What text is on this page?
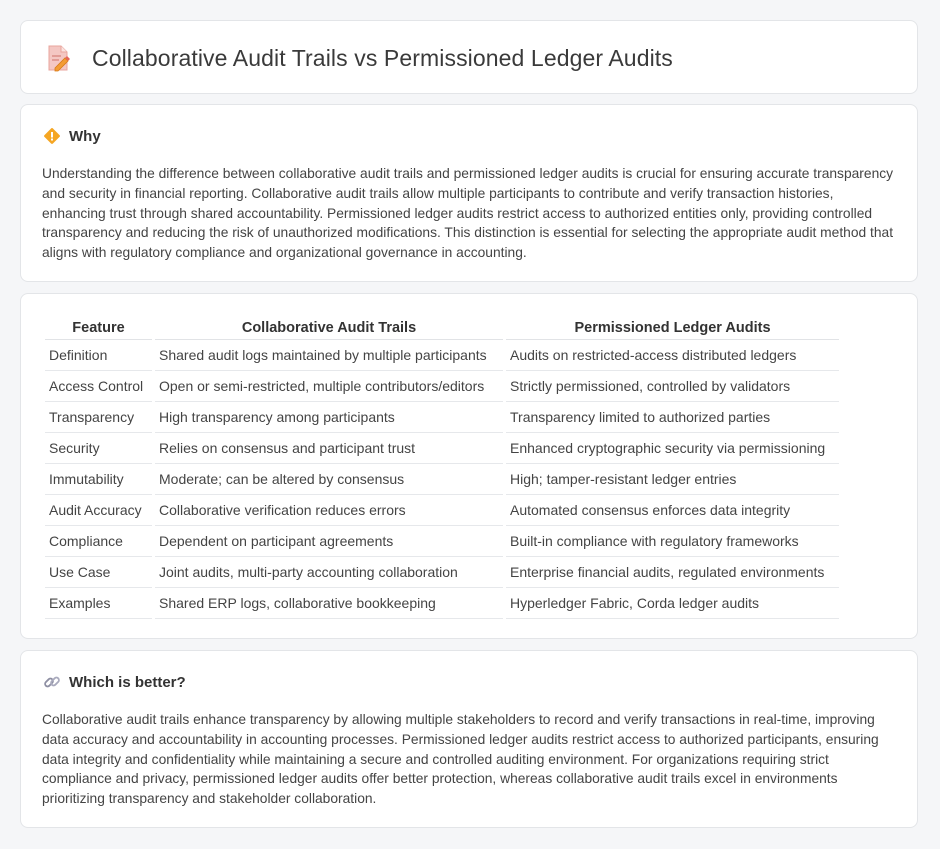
Collaborative Audit Trails vs Permissioned Ledger Audits
Why

Understanding the difference between collaborative audit trails and permissioned ledger audits is crucial for ensuring accurate transparency and security in financial reporting. Collaborative audit trails allow multiple participants to contribute and verify transaction histories, enhancing trust through shared accountability. Permissioned ledger audits restrict access to authorized entities only, providing controlled transparency and reducing the risk of unauthorized modifications. This distinction is essential for selecting the appropriate audit method that aligns with regulatory compliance and organizational governance in accounting.

Feature	Collaborative Audit Trails	Permissioned Ledger Audits
Definition	Shared audit logs maintained by multiple participants	Audits on restricted-access distributed ledgers
Access Control	Open or semi-restricted, multiple contributors/editors	Strictly permissioned, controlled by validators
Transparency	High transparency among participants	Transparency limited to authorized parties
Security	Relies on consensus and participant trust	Enhanced cryptographic security via permissioning
Immutability	Moderate; can be altered by consensus	High; tamper-resistant ledger entries
Audit Accuracy	Collaborative verification reduces errors	Automated consensus enforces data integrity
Compliance	Dependent on participant agreements	Built-in compliance with regulatory frameworks
Use Case	Joint audits, multi-party accounting collaboration	Enterprise financial audits, regulated environments
Examples	Shared ERP logs, collaborative bookkeeping	Hyperledger Fabric, Corda ledger audits
Which is better?

Collaborative audit trails enhance transparency by allowing multiple stakeholders to record and verify transactions in real-time, improving data accuracy and accountability in accounting processes. Permissioned ledger audits restrict access to authorized participants, ensuring data integrity and confidentiality while maintaining a secure and controlled auditing environment. For organizations requiring strict compliance and privacy, permissioned ledger audits offer better protection, whereas collaborative audit trails excel in environments prioritizing transparency and stakeholder collaboration.
